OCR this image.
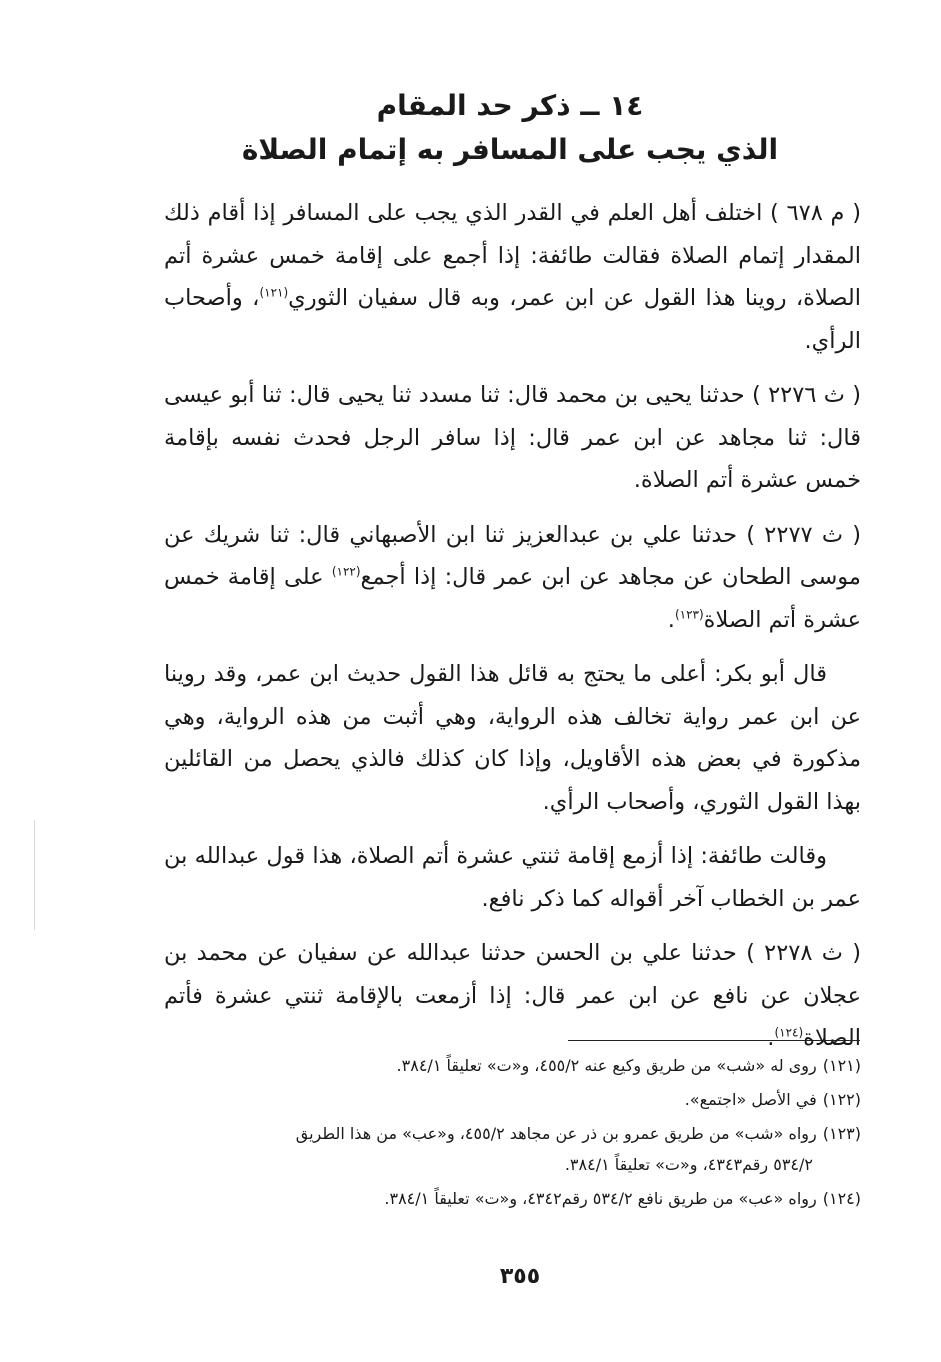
١٤ ــ ذكر حد المقام
الذي يجب على المسافر به إتمام الصلاة

( م ٦٧٨ ) اختلف أهل العلم في القدر الذي يجب على المسافر إذا أقام ذلك المقدار إتمام الصلاة فقالت طائفة: إذا أجمع على إقامة خمس عشرة أتم الصلاة، روينا هذا القول عن ابن عمر، وبه قال سفيان الثوري$^{(١٢١)}$، وأصحاب الرأي.

( ث ٢٢٧٦ ) حدثنا يحيى بن محمد قال: ثنا مسدد ثنا يحيى قال: ثنا أبو عيسى قال: ثنا مجاهد عن ابن عمر قال: إذا سافر الرجل فحدث نفسه بإقامة خمس عشرة أتم الصلاة.

( ث ٢٢٧٧ ) حدثنا علي بن عبدالعزيز ثنا ابن الأصبهاني قال: ثنا شريك عن موسى الطحان عن مجاهد عن ابن عمر قال: إذا أجمع$^{(١٢٢)}$ على إقامة خمس عشرة أتم الصلاة$^{(١٢٣)}$.

قال أبو بكر: أعلى ما يحتج به قائل هذا القول حديث ابن عمر، وقد روينا عن ابن عمر رواية تخالف هذه الرواية، وهي أثبت من هذه الرواية، وهي مذكورة في بعض هذه الأقاويل، وإذا كان كذلك فالذي يحصل من القائلين بهذا القول الثوري، وأصحاب الرأي.

وقالت طائفة: إذا أزمع إقامة ثنتي عشرة أتم الصلاة، هذا قول عبدالله بن عمر بن الخطاب آخر أقواله كما ذكر نافع.

( ث ٢٢٧٨ ) حدثنا علي بن الحسن حدثنا عبدالله عن سفيان عن محمد بن عجلان عن نافع عن ابن عمر قال: إذا أزمعت بالإقامة ثنتي عشرة فأتم الصلاة$^{(١٢٤)}$.

(١٢١)روى له «شب» من طريق وكيع عنه ٤٥٥/٢، و«ت» تعليقاً ٣٨٤/١.
(١٢٢)في الأصل «اجتمع».
(١٢٣)رواه «شب» من طريق عمرو بن ذر عن مجاهد ٤٥٥/٢، و«عب» من هذا الطريق
٥٣٤/٢ رقم٤٣٤٣، و«ت» تعليقاً ٣٨٤/١.
(١٢٤)رواه «عب» من طريق نافع ٥٣٤/٢ رقم٤٣٤٢، و«ت» تعليقاً ٣٨٤/١.
٣٥٥
